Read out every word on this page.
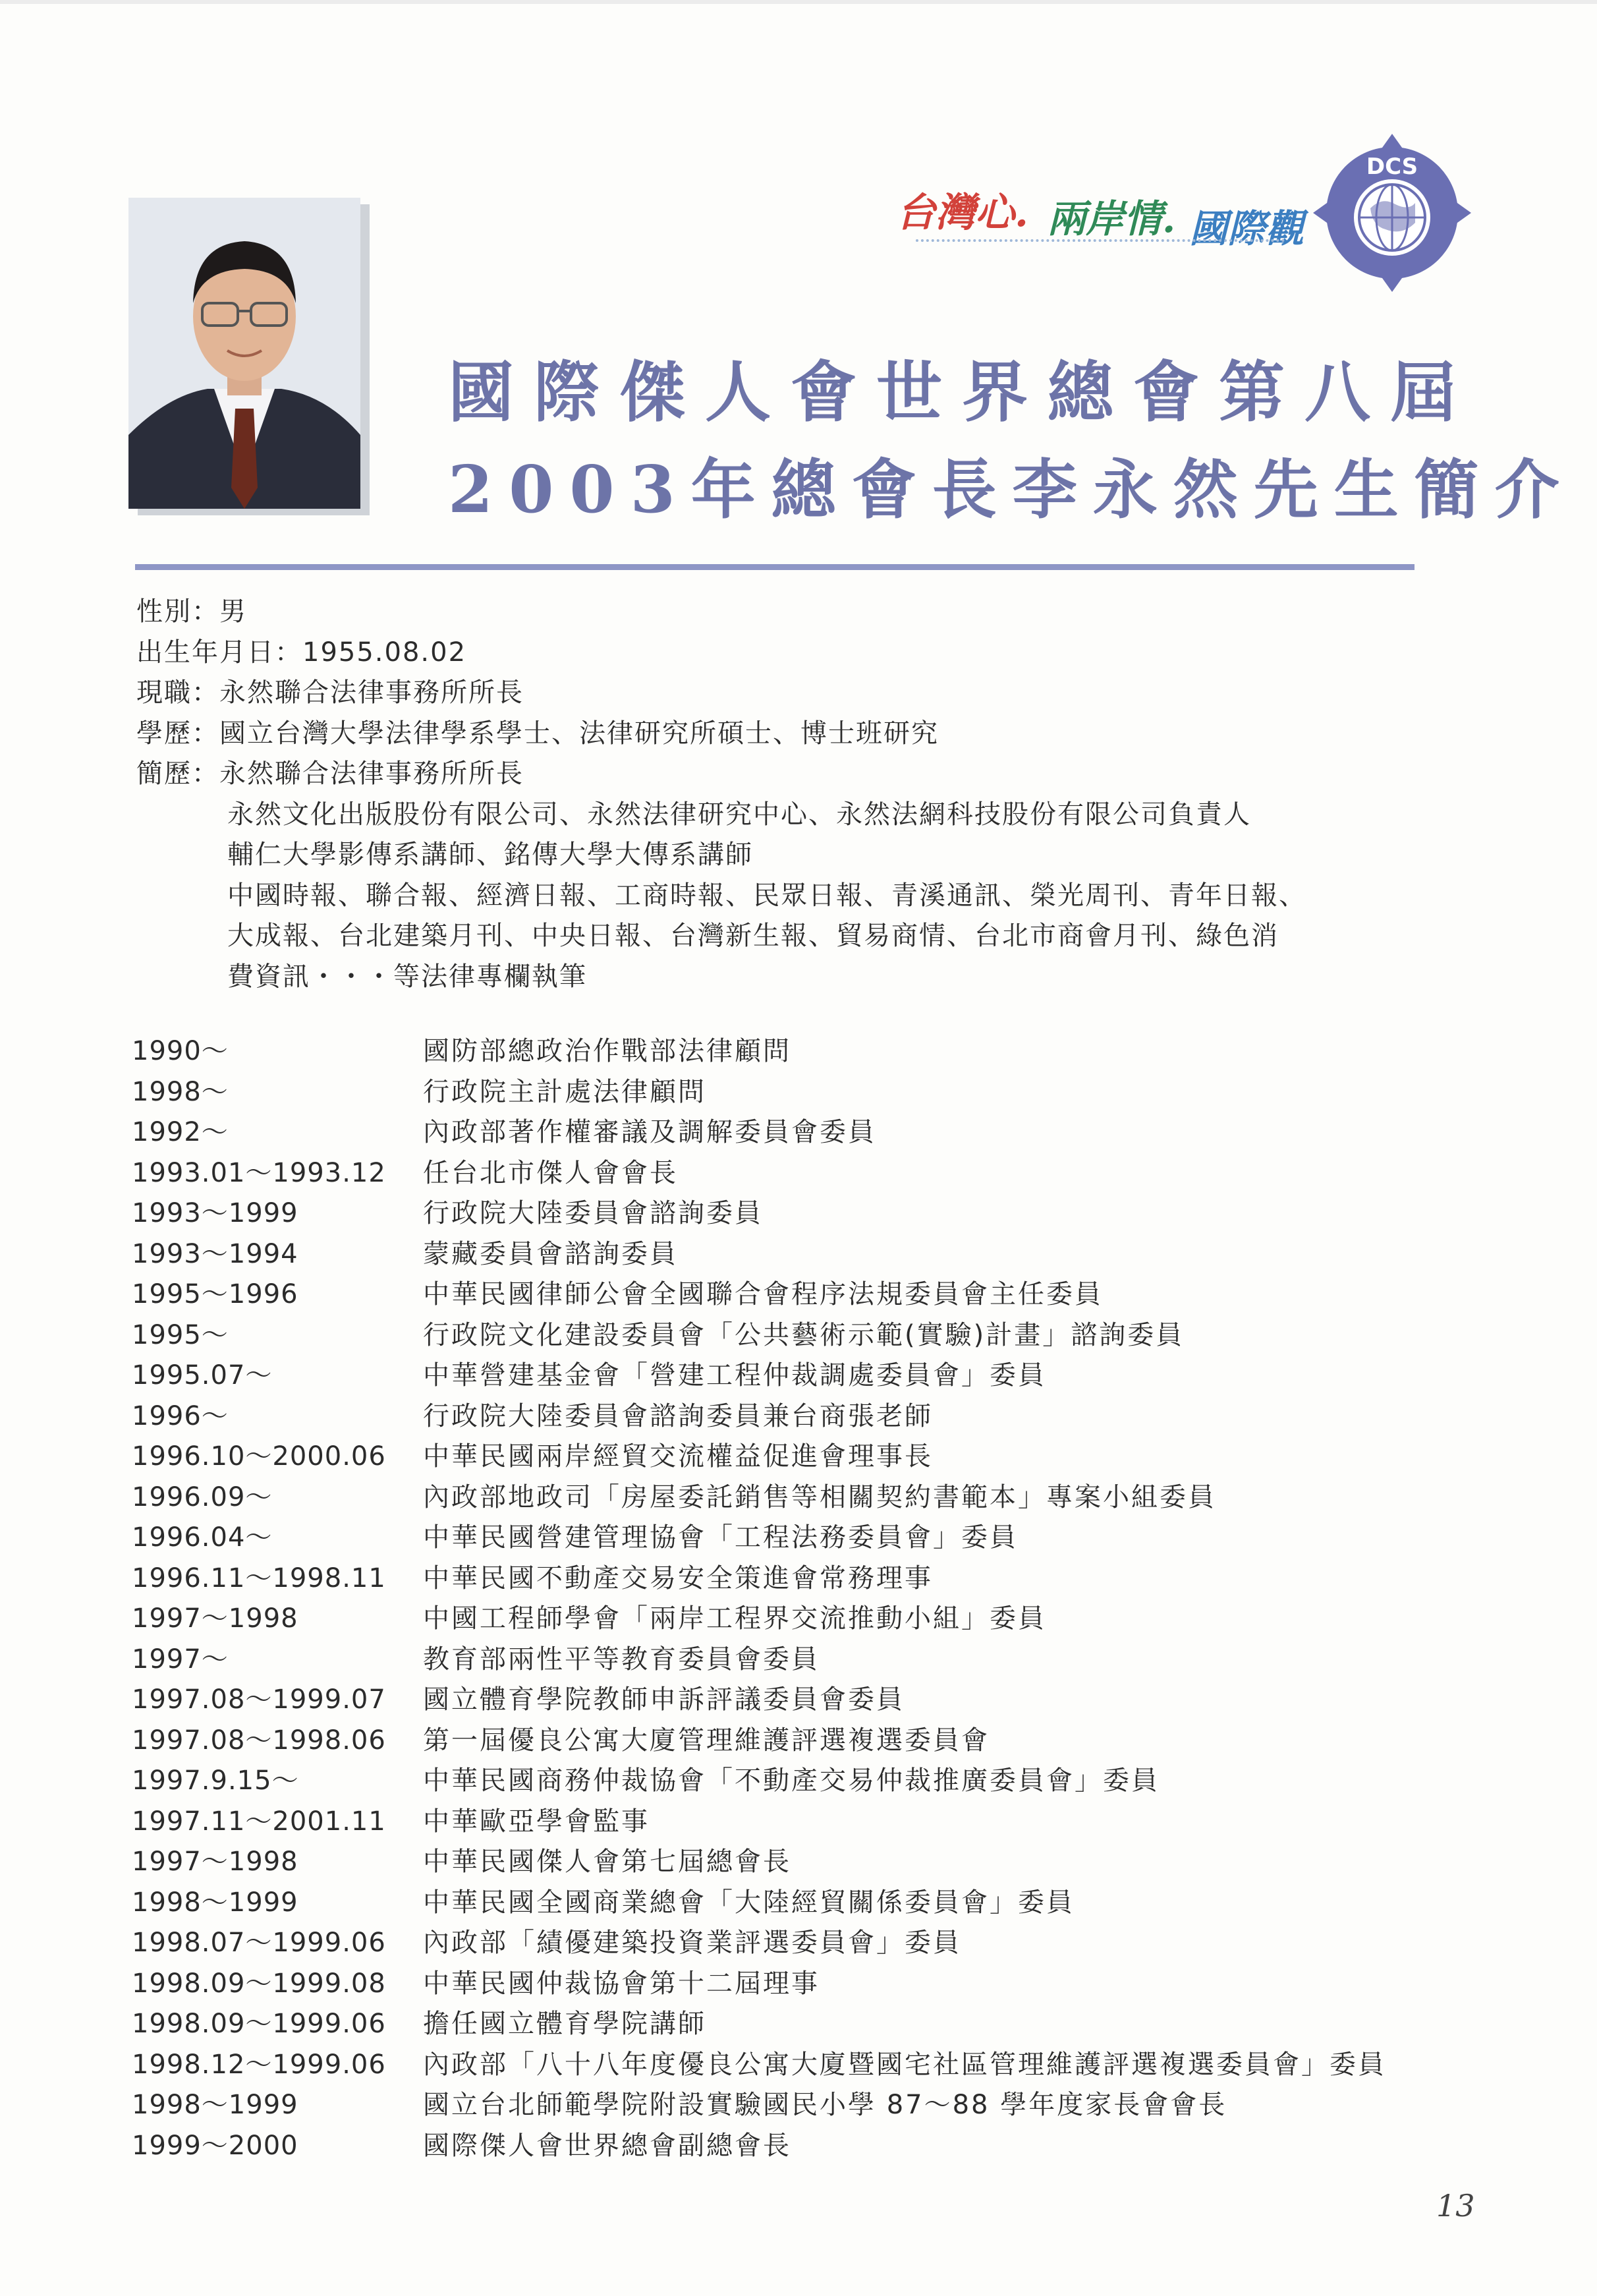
台灣心. 兩岸情. 國際觀
DCS
國際傑人會世界總會第八屆
2003年總會長李永然先生簡介
性別：男
出生年月日：1955.08.02
現職：永然聯合法律事務所所長
學歷：國立台灣大學法律學系學士、法律研究所碩士、博士班研究
簡歷：永然聯合法律事務所所長
永然文化出版股份有限公司、永然法律研究中心、永然法網科技股份有限公司負責人
輔仁大學影傳系講師、銘傳大學大傳系講師
中國時報、聯合報、經濟日報、工商時報、民眾日報、青溪通訊、榮光周刊、青年日報、
大成報、台北建築月刊、中央日報、台灣新生報、貿易商情、台北市商會月刊、綠色消
費資訊・・・等法律專欄執筆
1990～	國防部總政治作戰部法律顧問
1998～	行政院主計處法律顧問
1992～	內政部著作權審議及調解委員會委員
1993.01～1993.12 任台北市傑人會會長
1993～1999	行政院大陸委員會諮詢委員
1993～1994	蒙藏委員會諮詢委員
1995～1996	中華民國律師公會全國聯合會程序法規委員會主任委員
1995～	行政院文化建設委員會「公共藝術示範(實驗)計畫」諮詢委員
1995.07～	中華營建基金會「營建工程仲裁調處委員會」委員
1996～	行政院大陸委員會諮詢委員兼台商張老師
1996.10～2000.06 中華民國兩岸經貿交流權益促進會理事長
1996.09～	內政部地政司「房屋委託銷售等相關契約書範本」專案小組委員
1996.04～	中華民國營建管理協會「工程法務委員會」委員
1996.11～1998.11 中華民國不動產交易安全策進會常務理事
1997～1998	中國工程師學會「兩岸工程界交流推動小組」委員
1997～	教育部兩性平等教育委員會委員
1997.08～1999.07 國立體育學院教師申訴評議委員會委員
1997.08～1998.06 第一屆優良公寓大廈管理維護評選複選委員會
1997.9.15～	中華民國商務仲裁協會「不動產交易仲裁推廣委員會」委員
1997.11～2001.11 中華歐亞學會監事
1997～1998	中華民國傑人會第七屆總會長
1998～1999	中華民國全國商業總會「大陸經貿關係委員會」委員
1998.07～1999.06 內政部「績優建築投資業評選委員會」委員
1998.09～1999.08 中華民國仲裁協會第十二屆理事
1998.09～1999.06 擔任國立體育學院講師
1998.12～1999.06 內政部「八十八年度優良公寓大廈暨國宅社區管理維護評選複選委員會」委員
1998～1999	國立台北師範學院附設實驗國民小學 87～88 學年度家長會會長
1999～2000	國際傑人會世界總會副總會長
13
